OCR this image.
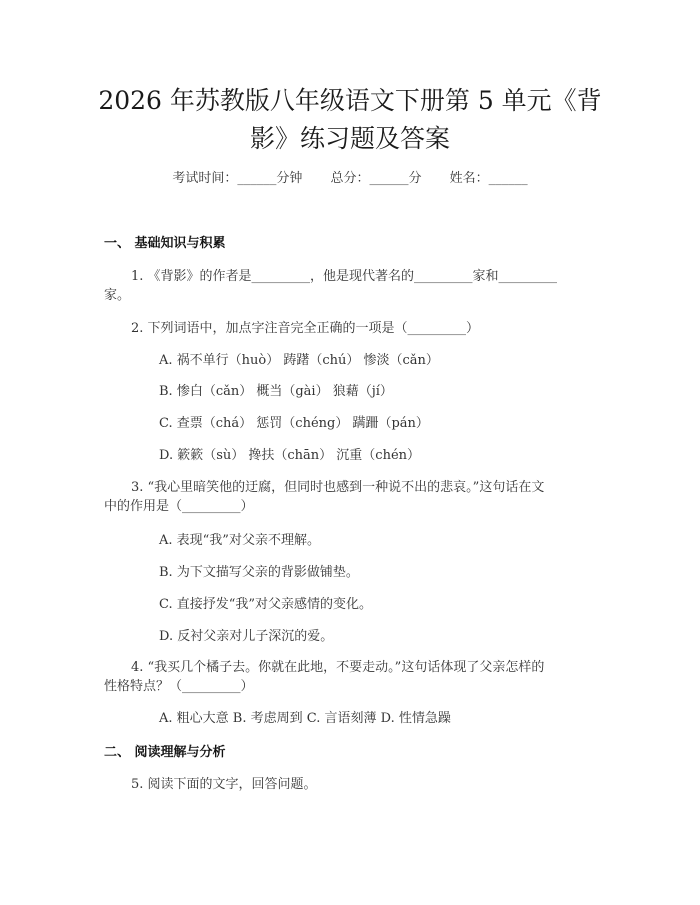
2026 年苏教版八年级语文下册第 5 单元《背
影》练习题及答案
考试时间：______分钟 总分：______分 姓名：______
一、 基础知识与积累
1. 《背影》的作者是_________，他是现代著名的_________家和_________
家。
2. 下列词语中，加点字注音完全正确的一项是（_________）
A. 祸不单行（huò） 踌躇（chú） 惨淡（cǎn）
B. 惨白（cǎn） 概当（gài） 狼藉（jí）
C. 查票（chá） 惩罚（chéng） 蹒跚（pán）
D. 簌簌（sù） 搀扶（chān） 沉重（chén）
3. “我心里暗笑他的迂腐，但同时也感到一种说不出的悲哀。”这句话在文
中的作用是（_________）
A. 表现“我”对父亲不理解。
B. 为下文描写父亲的背影做铺垫。
C. 直接抒发“我”对父亲感情的变化。
D. 反衬父亲对儿子深沉的爱。
4. “我买几个橘子去。你就在此地，不要走动。”这句话体现了父亲怎样的
性格特点？（_________）
A. 粗心大意 B. 考虑周到 C. 言语刻薄 D. 性情急躁
二、 阅读理解与分析
5. 阅读下面的文字，回答问题。
